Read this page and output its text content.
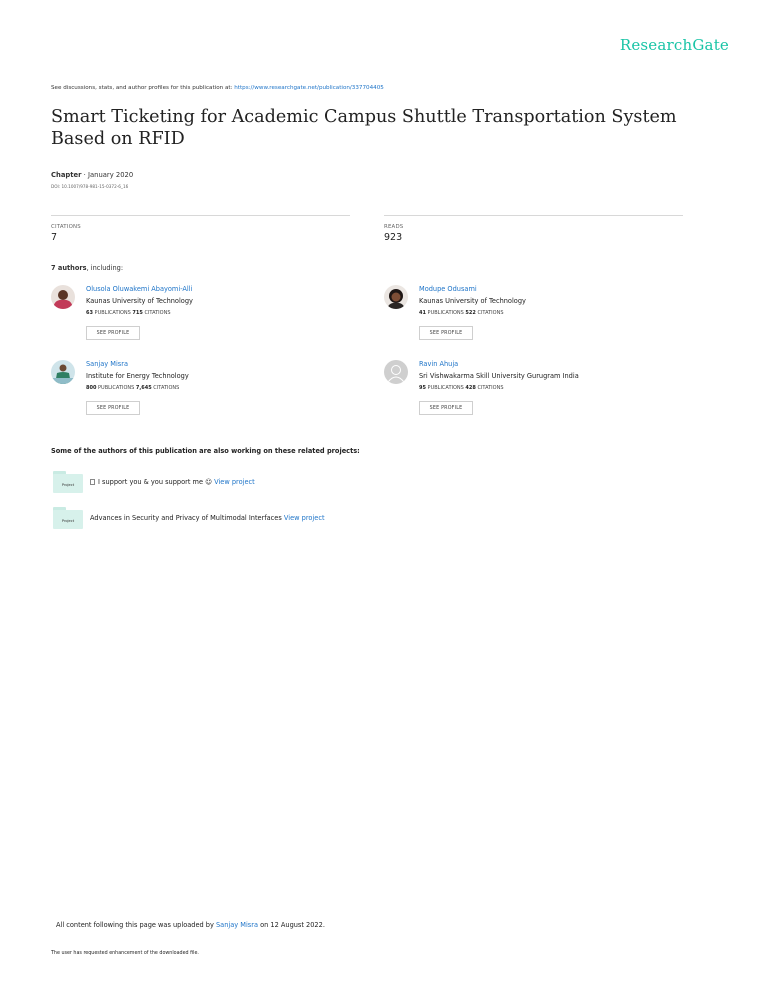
ResearchGate
See discussions, stats, and author profiles for this publication at: https://www.researchgate.net/publication/337704405
Smart Ticketing for Academic Campus Shuttle Transportation System Based on RFID
Chapter · January 2020
DOI: 10.1007/978-981-15-0372-6_16
CITATIONS
7
READS
923
7 authors, including:
Olusola Oluwakemi Abayomi-Alli
Kaunas University of Technology
63 PUBLICATIONS 715 CITATIONS
SEE PROFILE
Modupe Odusami
Kaunas University of Technology
41 PUBLICATIONS 522 CITATIONS
SEE PROFILE
Sanjay Misra
Institute for Energy Technology
800 PUBLICATIONS 7,645 CITATIONS
SEE PROFILE
Ravin Ahuja
Sri Vishwakarma Skill University Gurugram India
95 PUBLICATIONS 428 CITATIONS
SEE PROFILE
Some of the authors of this publication are also working on these related projects:
Project	I support you & you support me ☺ View project
Project	Advances in Security and Privacy of Multimodal Interfaces View project
All content following this page was uploaded by Sanjay Misra on 12 August 2022.
The user has requested enhancement of the downloaded file.
